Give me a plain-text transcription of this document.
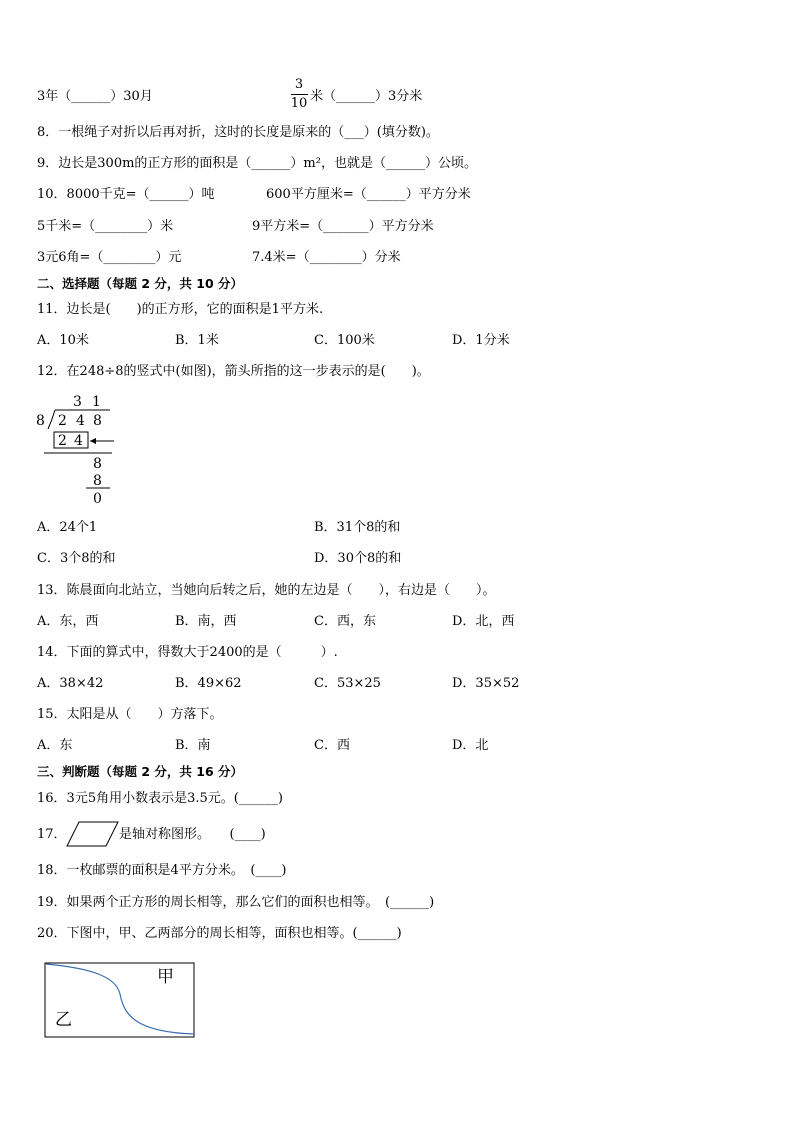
3年（______）30月
3
10 米（______）3分米
8．一根绳子对折以后再对折，这时的长度是原来的（___）(填分数)。
9．边长是300m的正方形的面积是（______）m²，也就是（______）公顷。
10．8000千克=（______）吨	600平方厘米=（______）平方分米
5千米=（________）米	9平方米=（_______）平方分米
3元6角=（________）元	7.4米=（________）分米
二、选择题（每题 2 分，共 10 分）
11．边长是(　　)的正方形，它的面积是1平方米.
A．10米	B．1米	C．100米	D．1分米
12．在248÷8的竖式中(如图)，箭头所指的这一步表示的是(　　)。
3 1
8 2 4 8
2 4
8
8
0
A．24个1	B．31个8的和
C．3个8的和	D．30个8的和
13．陈晨面向北站立，当她向后转之后，她的左边是（　　），右边是（　　）。
A．东，西	B．南，西	C．西，东	D．北，西
14．下面的算式中，得数大于2400的是（　　　）.
A．38×42	B．49×62	C．53×25	D．35×52
15．太阳是从（　　）方落下。
A．东	B．南	C．西	D．北
三、判断题（每题 2 分，共 16 分）
16．3元5角用小数表示是3.5元。(______)
17．	是轴对称图形。　　(____)
18．一枚邮票的面积是4平方分米。　(____)
19．如果两个正方形的周长相等，那么它们的面积也相等。　(______)
20．下图中，甲、乙两部分的周长相等，面积也相等。(______)
甲
乙
